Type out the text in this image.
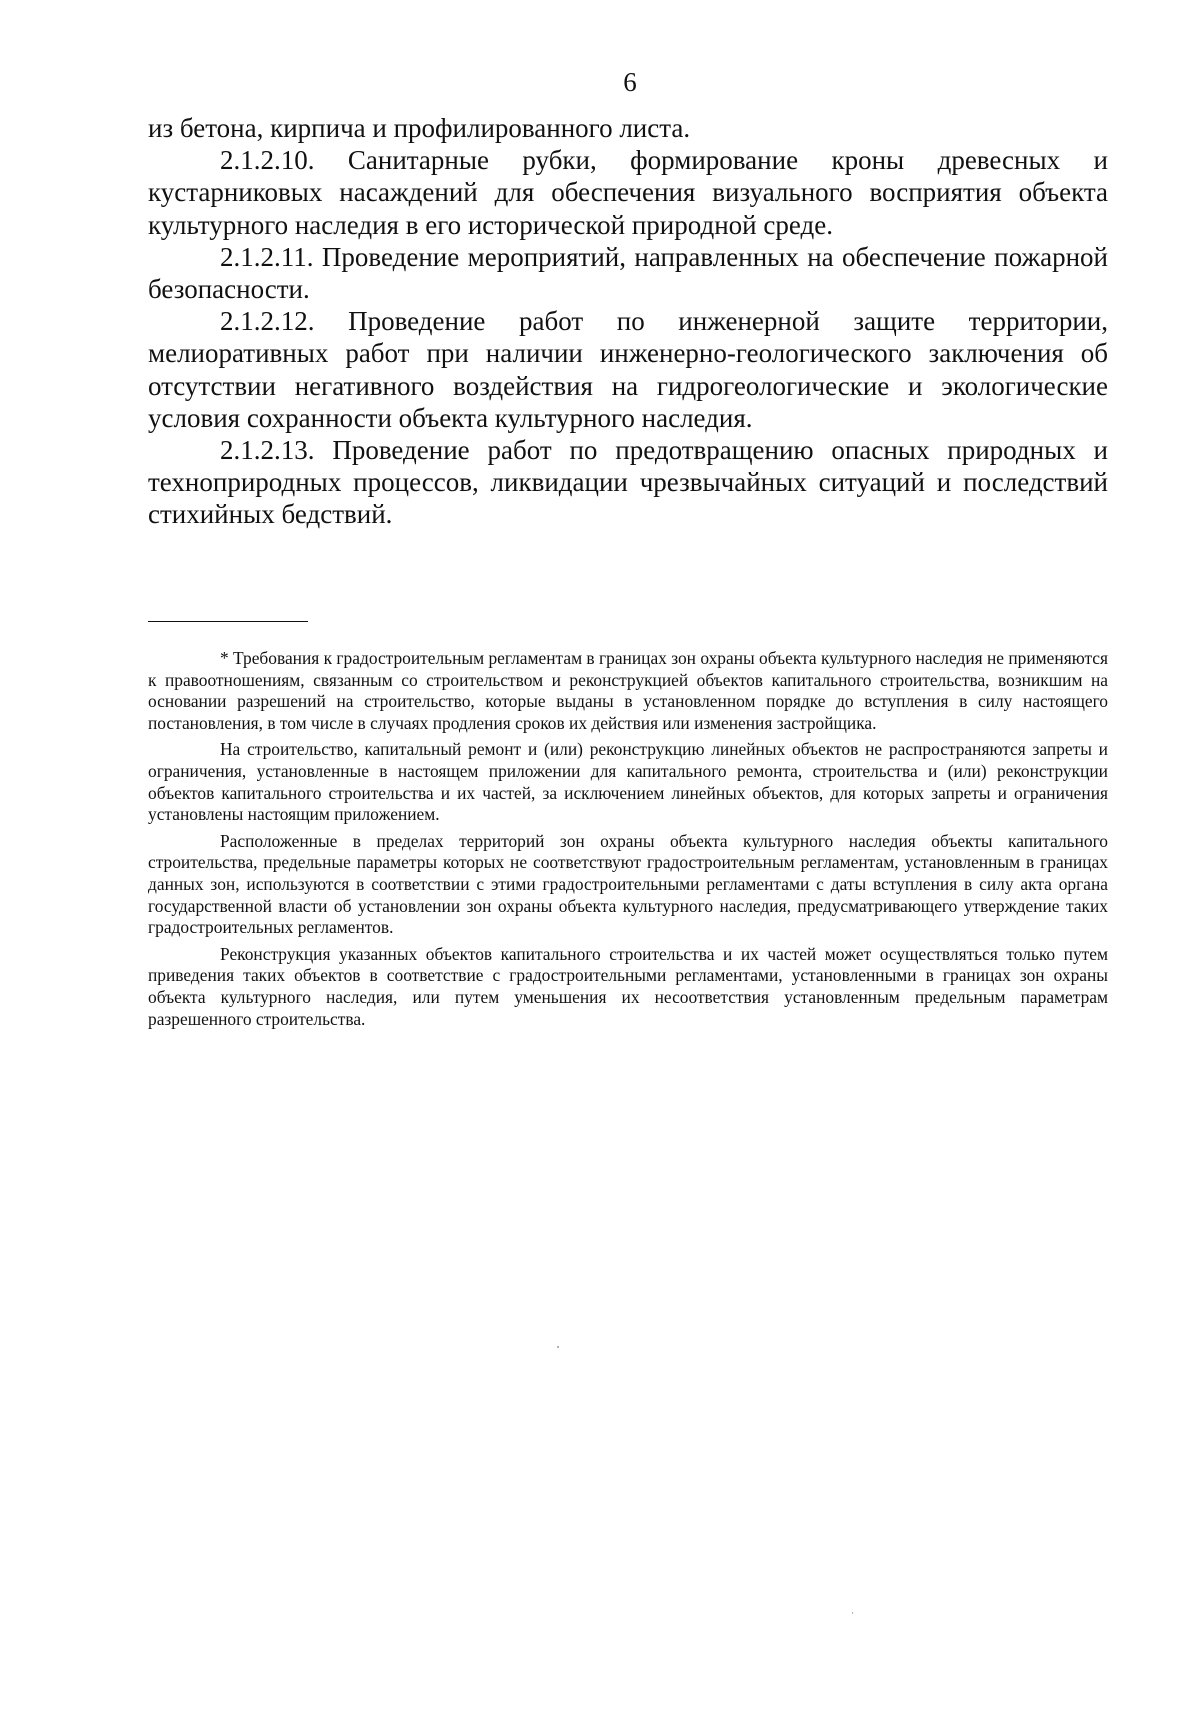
6

из бетона, кирпича и профилированного листа.

2.1.2.10. Санитарные рубки, формирование кроны древесных и кустарниковых насаждений для обеспечения визуального восприятия объекта культурного наследия в его исторической природной среде.

2.1.2.11. Проведение мероприятий, направленных на обеспечение пожарной безопасности.

2.1.2.12. Проведение работ по инженерной защите территории, мелиоративных работ при наличии инженерно-геологического заключения об отсутствии негативного воздействия на гидрогеологические и экологические условия сохранности объекта культурного наследия.

2.1.2.13. Проведение работ по предотвращению опасных природных и техноприродных процессов, ликвидации чрезвычайных ситуаций и последствий стихийных бедствий.

* Требования к градостроительным регламентам в границах зон охраны объекта культурного наследия не применяются к правоотношениям, связанным со строительством и реконструкцией объектов капитального строительства, возникшим на основании разрешений на строительство, которые выданы в установленном порядке до вступления в силу настоящего постановления, в том числе в случаях продления сроков их действия или изменения застройщика.

На строительство, капитальный ремонт и (или) реконструкцию линейных объектов не распространяются запреты и ограничения, установленные в настоящем приложении для капитального ремонта, строительства и (или) реконструкции объектов капитального строительства и их частей, за исключением линейных объектов, для которых запреты и ограничения установлены настоящим приложением.

Расположенные в пределах территорий зон охраны объекта культурного наследия объекты капитального строительства, предельные параметры которых не соответствуют градостроительным регламентам, установленным в границах данных зон, используются в соответствии с этими градостроительными регламентами с даты вступления в силу акта органа государственной власти об установлении зон охраны объекта культурного наследия, предусматривающего утверждение таких градостроительных регламентов.

Реконструкция указанных объектов капитального строительства и их частей может осуществляться только путем приведения таких объектов в соответствие с градостроительными регламентами, установленными в границах зон охраны объекта культурного наследия, или путем уменьшения их несоответствия установленным предельным параметрам разрешенного строительства.
